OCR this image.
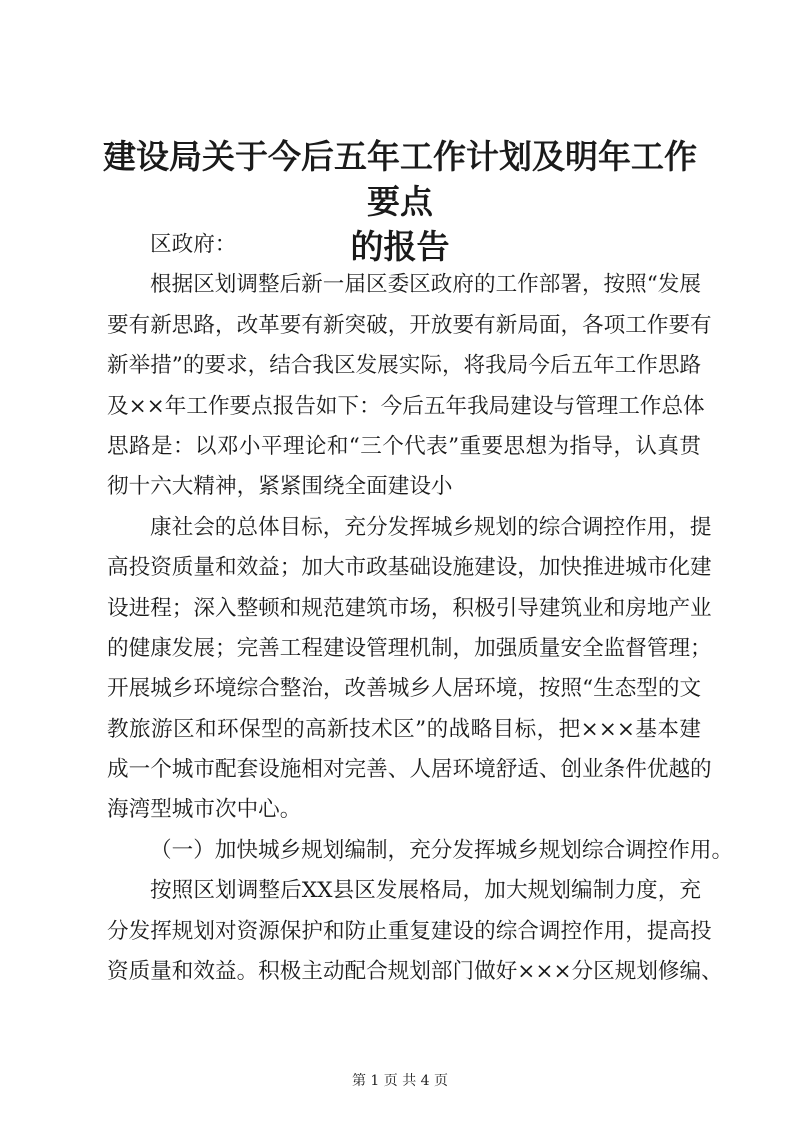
建设局关于今后五年工作计划及明年工作要点
的报告
区政府：
根据区划调整后新一届区委区政府的工作部署，按照“发展
要有新思路，改革要有新突破，开放要有新局面，各项工作要有
新举措”的要求，结合我区发展实际，将我局今后五年工作思路
及××年工作要点报告如下：今后五年我局建设与管理工作总体
思路是：以邓小平理论和“三个代表”重要思想为指导，认真贯
彻十六大精神，紧紧围绕全面建设小
康社会的总体目标，充分发挥城乡规划的综合调控作用，提
高投资质量和效益；加大市政基础设施建设，加快推进城市化建
设进程；深入整顿和规范建筑市场，积极引导建筑业和房地产业
的健康发展；完善工程建设管理机制，加强质量安全监督管理；
开展城乡环境综合整治，改善城乡人居环境，按照“生态型的文
教旅游区和环保型的高新技术区”的战略目标，把×××基本建
成一个城市配套设施相对完善、人居环境舒适、创业条件优越的
海湾型城市次中心。
（一）加快城乡规划编制，充分发挥城乡规划综合调控作用。
按照区划调整后XX县区发展格局，加大规划编制力度，充
分发挥规划对资源保护和防止重复建设的综合调控作用，提高投
资质量和效益。积极主动配合规划部门做好×××分区规划修编、
第 1 页 共 4 页
